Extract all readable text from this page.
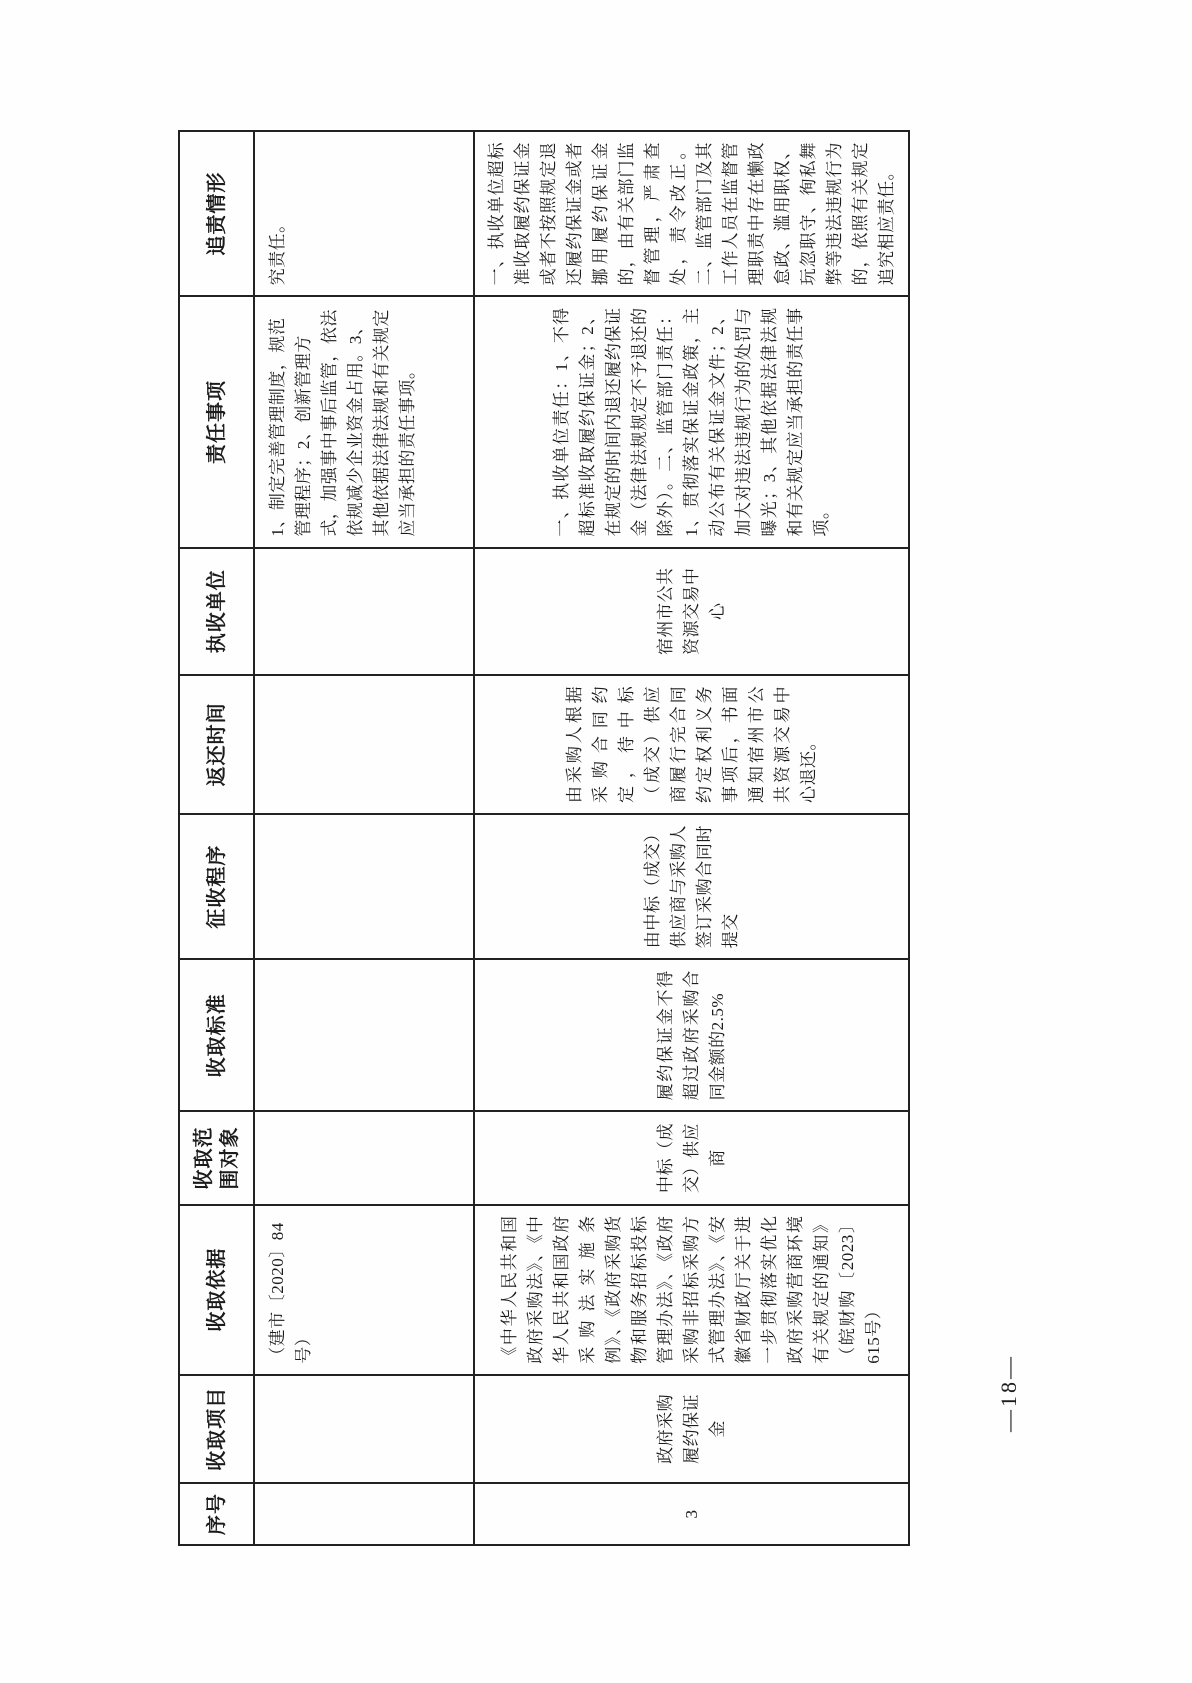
序号	收取项目	收取依据	收取范围对象	收取标准	征收程序	返还时间	执收单位	责任事项	追责情形
		（建市〔2020〕84号）						1、制定完善管理制度，规范管理程序；2、创新管理方式，加强事中事后监管，依法依规减少企业资金占用。3、其他依据法律法规和有关规定应当承担的责任事项。	究责任。
3	政府采购履约保证金	《中华人民共和国政府采购法》、《中华人民共和国政府采购法实施条例》、《政府采购货物和服务招标投标管理办法》、《政府采购非招标采购方式管理办法》、《安徽省财政厅关于进一步贯彻落实优化政府采购营商环境有关规定的通知》（皖财购〔2023〕615号）	中标（成交）供应商	履约保证金不得超过政府采购合同金额的2.5%	由中标（成交）供应商与采购人签订采购合同时提交	由采购人根据采购合同约定，待中标（成交）供应商履行完合同约定权利义务事项后，书面通知宿州市公共资源交易中心退还。	宿州市公共资源交易中心	一、执收单位责任：1、不得超标准收取履约保证金；2、在规定的时间内退还履约保证金（法律法规规定不予退还的除外）。二、监管部门责任：1、贯彻落实保证金政策，主动公布有关保证金文件；2、加大对违法违规行为的处罚与曝光；3、其他依据法律法规和有关规定应当承担的责任事项。	一、执收单位超标准收取履约保证金或者不按照规定退还履约保证金或者挪用履约保证金的，由有关部门监督管理，严肃查处，责令改正。二、监管部门及其工作人员在监督管理职责中存在懒政怠政、滥用职权、玩忽职守、徇私舞弊等违法违规行为的，依照有关规定追究相应责任。
—18—
